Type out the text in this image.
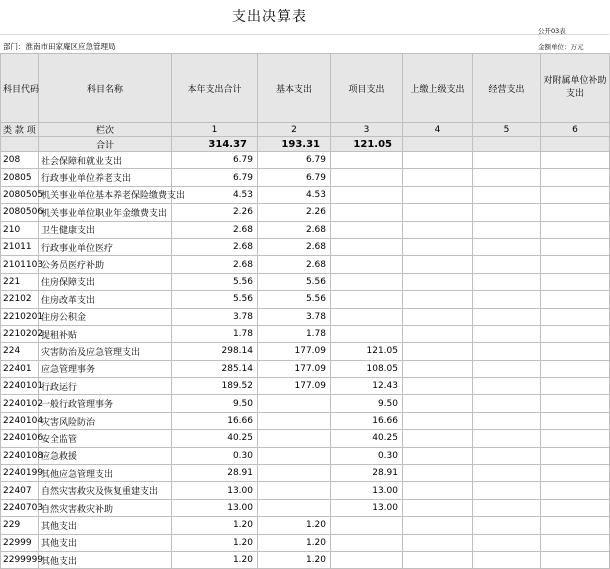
支出决算表
公开03表
部门：淮南市田家庵区应急管理局	金额单位：万元
科目代码	科目名称	本年支出合计	基本支出	项目支出	上缴上级支出	经营支出	对附属单位补助支出
类 款 项	栏次	1	2	3	4	5	6
	合计	314.37	193.31	121.05			
208	社会保障和就业支出	6.79	6.79				
20805	行政事业单位养老支出	6.79	6.79				
2080505	机关事业单位基本养老保险缴费支出	4.53	4.53				
2080506	机关事业单位职业年金缴费支出	2.26	2.26				
210	卫生健康支出	2.68	2.68				
21011	行政事业单位医疗	2.68	2.68				
2101103	公务员医疗补助	2.68	2.68				
221	住房保障支出	5.56	5.56				
22102	住房改革支出	5.56	5.56				
2210201	住房公积金	3.78	3.78				
2210202	提租补贴	1.78	1.78				
224	灾害防治及应急管理支出	298.14	177.09	121.05			
22401	应急管理事务	285.14	177.09	108.05			
2240101	行政运行	189.52	177.09	12.43			
2240102	一般行政管理事务	9.50		9.50			
2240104	灾害风险防治	16.66		16.66			
2240106	安全监管	40.25		40.25			
2240108	应急救援	0.30		0.30			
2240199	其他应急管理支出	28.91		28.91			
22407	自然灾害救灾及恢复重建支出	13.00		13.00			
2240703	自然灾害救灾补助	13.00		13.00			
229	其他支出	1.20	1.20				
22999	其他支出	1.20	1.20				
2299999	其他支出	1.20	1.20				
